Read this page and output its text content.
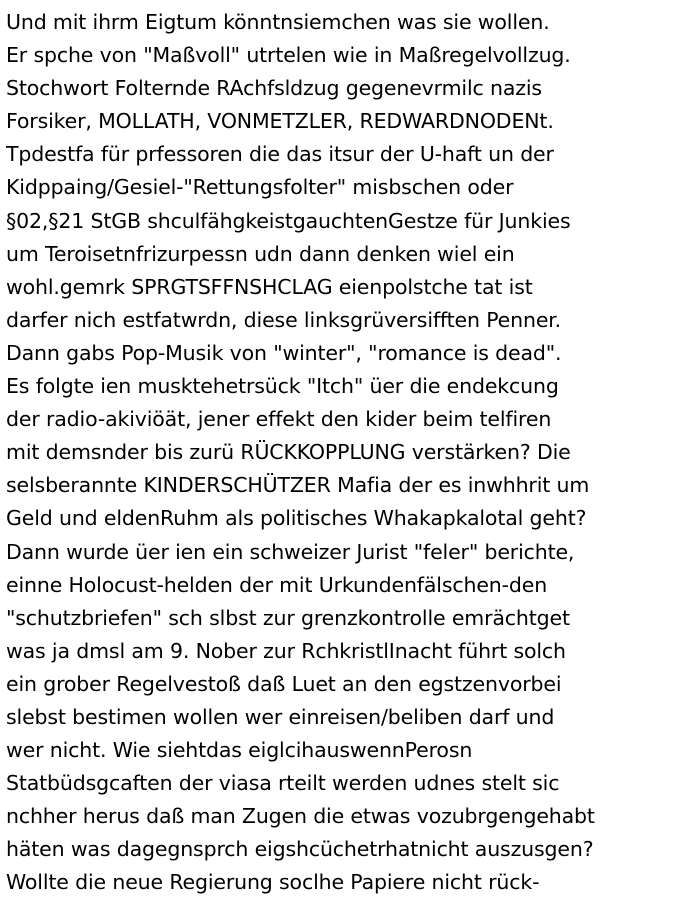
Und mit ihrm Eigtum könntnsiemchen was sie wollen.
Er spche von "Maßvoll" utrtelen wie in Maßregelvollzug.
Stochwort Folternde RAchfsldzug gegenevrmilc nazis
Forsiker, MOLLATH, VONMETZLER, REDWARDNODENt.
Tpdestfa für prfessoren die das itsur der U-haft un der
Kidppaing/Gesiel-"Rettungsfolter" misbschen oder
§02,§21 StGB shculfähgkeistgauchtenGestze für Junkies
um Teroisetnfrizurpessn udn dann denken wiel ein
wohl.gemrk SPRGTSFFNSHCLAG eienpolstche tat ist
darfer nich estfatwrdn, diese linksgrüversifften Penner.
Dann gabs Pop-Musik von "winter", "romance is dead".
Es folgte ien musktehetrsück "Itch" üer die endekcung
der radio-akiviöät, jener effekt den kider beim telfiren
mit demsnder bis zurü RÜCKKOPPLUNG verstärken? Die
selsberannte KINDERSCHÜTZER Mafia der es inwhhrit um
Geld und eldenRuhm als politisches Whakapkalotal geht?
Dann wurde üer ien ein schweizer Jurist "feler" berichte,
einne Holocust-helden der mit Urkundenfälschen-den
"schutzbriefen" sch slbst zur grenzkontrolle emrächtget
was ja dmsl am 9. Nober zur RchkristlInacht führt solch
ein grober Regelvestoß daß Luet an den egstzenvorbei
slebst bestimen wollen wer einreisen/beliben darf und
wer nicht. Wie siehtdas eiglcihauswennPerosn
Statbüdsgcaften der viasa rteilt werden udnes stelt sic
nchher herus daß man Zugen die etwas vozubrgengehabt
häten was dagegnsprch eigshcüchetrhatnicht auszusgen?
Wollte die neue Regierung soclhe Papiere nicht rück-
